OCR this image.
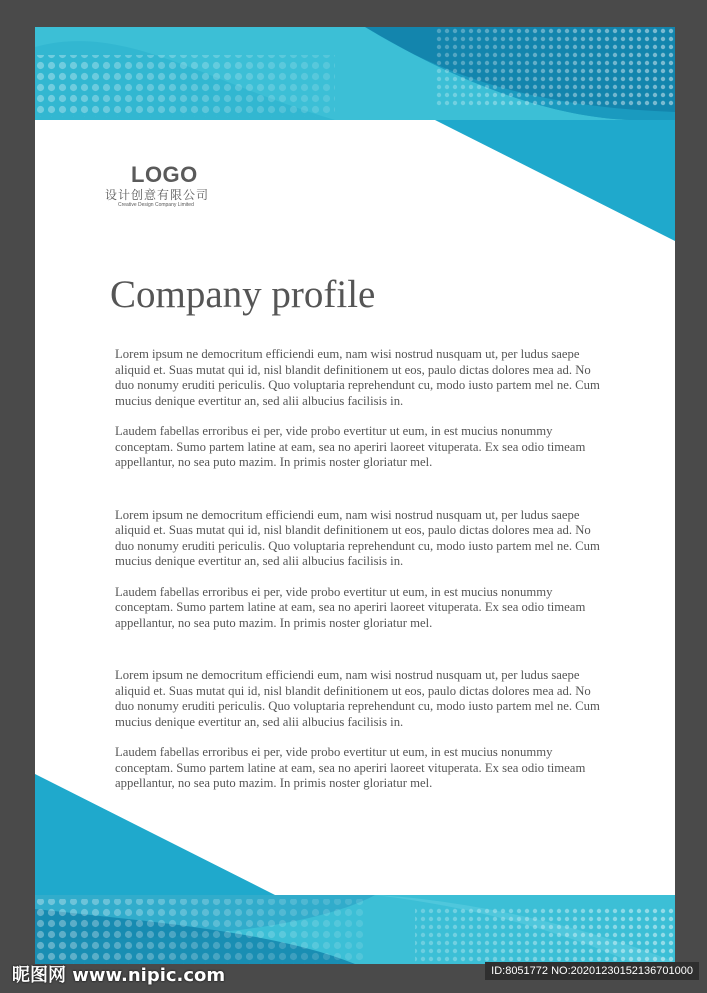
LOGO
设计创意有限公司
Creative Design Company Limited
Company profile

Lorem ipsum ne democritum efficiendi eum, nam wisi nostrud nusquam ut, per ludus saepe aliquid et. Suas mutat qui id, nisl blandit definitionem ut eos, paulo dictas dolores mea ad. No duo nonumy eruditi periculis. Quo voluptaria reprehendunt cu, modo iusto partem mel ne. Cum mucius denique evertitur an, sed alii albucius facilisis in.

Laudem fabellas erroribus ei per, vide probo evertitur ut eum, in est mucius nonummy conceptam. Sumo partem latine at eam, sea no aperiri laoreet vituperata. Ex sea odio timeam appellantur, no sea puto mazim. In primis noster gloriatur mel.

Lorem ipsum ne democritum efficiendi eum, nam wisi nostrud nusquam ut, per ludus saepe aliquid et. Suas mutat qui id, nisl blandit definitionem ut eos, paulo dictas dolores mea ad. No duo nonumy eruditi periculis. Quo voluptaria reprehendunt cu, modo iusto partem mel ne. Cum mucius denique evertitur an, sed alii albucius facilisis in.

Laudem fabellas erroribus ei per, vide probo evertitur ut eum, in est mucius nonummy conceptam. Sumo partem latine at eam, sea no aperiri laoreet vituperata. Ex sea odio timeam appellantur, no sea puto mazim. In primis noster gloriatur mel.

Lorem ipsum ne democritum efficiendi eum, nam wisi nostrud nusquam ut, per ludus saepe aliquid et. Suas mutat qui id, nisl blandit definitionem ut eos, paulo dictas dolores mea ad. No duo nonumy eruditi periculis. Quo voluptaria reprehendunt cu, modo iusto partem mel ne. Cum mucius denique evertitur an, sed alii albucius facilisis in.

Laudem fabellas erroribus ei per, vide probo evertitur ut eum, in est mucius nonummy conceptam. Sumo partem latine at eam, sea no aperiri laoreet vituperata. Ex sea odio timeam appellantur, no sea puto mazim. In primis noster gloriatur mel.

昵图网 www.nipic.com	ID:8051772 NO:20201230152136701000
